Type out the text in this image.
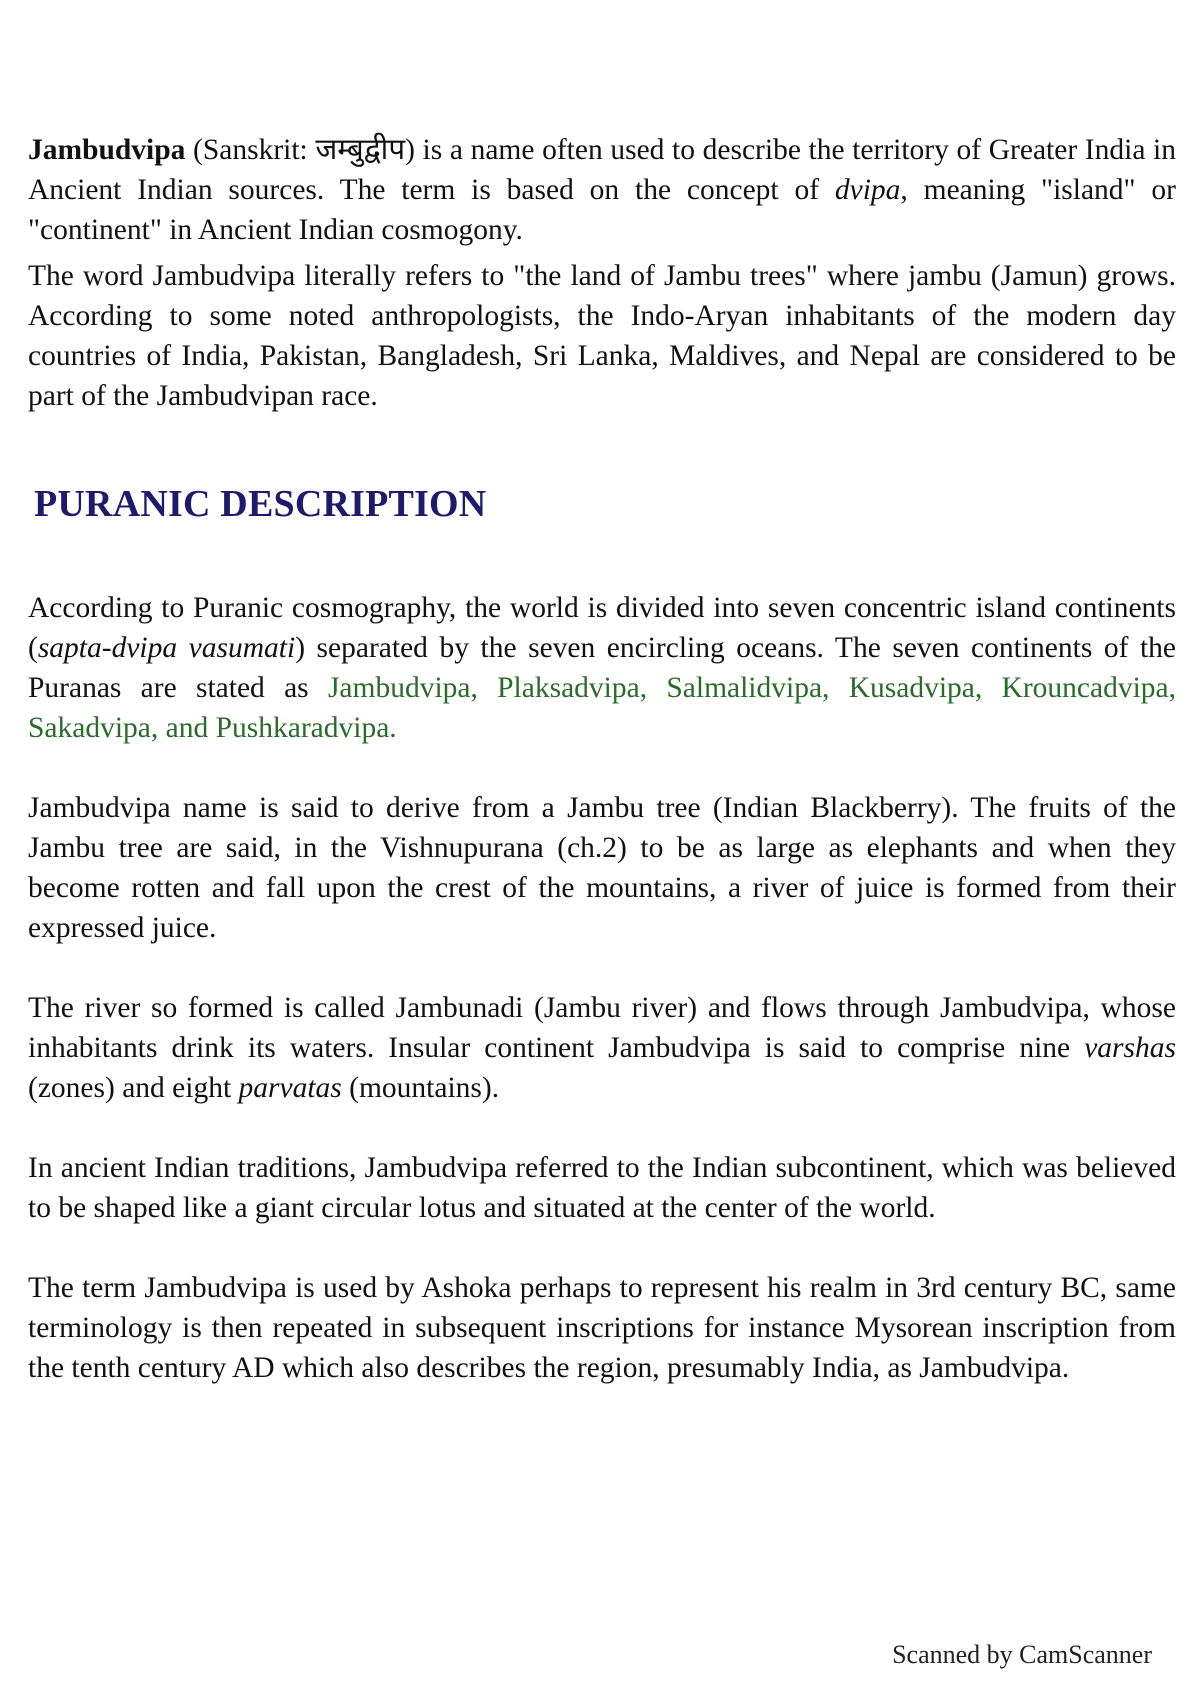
Jambudvipa (Sanskrit: जम्बुद्वीप) is a name often used to describe the territory of Greater India in Ancient Indian sources. The term is based on the concept of dvipa, meaning "island" or "continent" in Ancient Indian cosmogony.

The word Jambudvipa literally refers to "the land of Jambu trees" where jambu (Jamun) grows. According to some noted anthropologists, the Indo-Aryan inhabitants of the modern day countries of India, Pakistan, Bangladesh, Sri Lanka, Maldives, and Nepal are considered to be part of the Jambudvipan race.

PURANIC DESCRIPTION

According to Puranic cosmography, the world is divided into seven concentric island continents (sapta-dvipa vasumati) separated by the seven encircling oceans. The seven continents of the Puranas are stated as Jambudvipa, Plaksadvipa, Salmalidvipa, Kusadvipa, Krouncadvipa, Sakadvipa, and Pushkaradvipa.

Jambudvipa name is said to derive from a Jambu tree (Indian Blackberry). The fruits of the Jambu tree are said, in the Vishnupurana (ch.2) to be as large as elephants and when they become rotten and fall upon the crest of the mountains, a river of juice is formed from their expressed juice.

The river so formed is called Jambunadi (Jambu river) and flows through Jambudvipa, whose inhabitants drink its waters. Insular continent Jambudvipa is said to comprise nine varshas (zones) and eight parvatas (mountains).

In ancient Indian traditions, Jambudvipa referred to the Indian subcontinent, which was believed to be shaped like a giant circular lotus and situated at the center of the world.

The term Jambudvipa is used by Ashoka perhaps to represent his realm in 3rd century BC, same terminology is then repeated in subsequent inscriptions for instance Mysorean inscription from the tenth century AD which also describes the region, presumably India, as Jambudvipa.

Scanned by CamScanner
